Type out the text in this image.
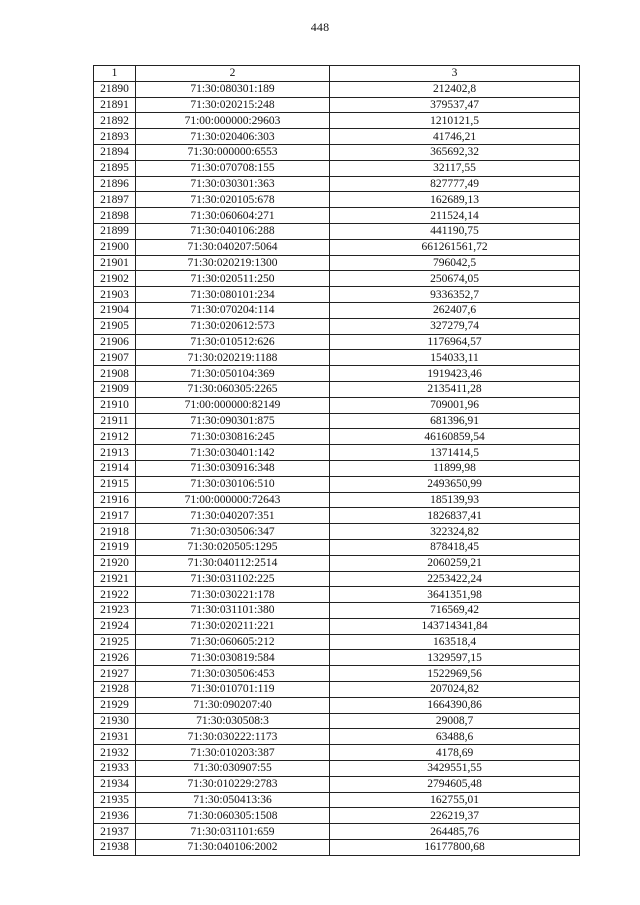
448
1	2	3
21890	71:30:080301:189	212402,8
21891	71:30:020215:248	379537,47
21892	71:00:000000:29603	1210121,5
21893	71:30:020406:303	41746,21
21894	71:30:000000:6553	365692,32
21895	71:30:070708:155	32117,55
21896	71:30:030301:363	827777,49
21897	71:30:020105:678	162689,13
21898	71:30:060604:271	211524,14
21899	71:30:040106:288	441190,75
21900	71:30:040207:5064	661261561,72
21901	71:30:020219:1300	796042,5
21902	71:30:020511:250	250674,05
21903	71:30:080101:234	9336352,7
21904	71:30:070204:114	262407,6
21905	71:30:020612:573	327279,74
21906	71:30:010512:626	1176964,57
21907	71:30:020219:1188	154033,11
21908	71:30:050104:369	1919423,46
21909	71:30:060305:2265	2135411,28
21910	71:00:000000:82149	709001,96
21911	71:30:090301:875	681396,91
21912	71:30:030816:245	46160859,54
21913	71:30:030401:142	1371414,5
21914	71:30:030916:348	11899,98
21915	71:30:030106:510	2493650,99
21916	71:00:000000:72643	185139,93
21917	71:30:040207:351	1826837,41
21918	71:30:030506:347	322324,82
21919	71:30:020505:1295	878418,45
21920	71:30:040112:2514	2060259,21
21921	71:30:031102:225	2253422,24
21922	71:30:030221:178	3641351,98
21923	71:30:031101:380	716569,42
21924	71:30:020211:221	143714341,84
21925	71:30:060605:212	163518,4
21926	71:30:030819:584	1329597,15
21927	71:30:030506:453	1522969,56
21928	71:30:010701:119	207024,82
21929	71:30:090207:40	1664390,86
21930	71:30:030508:3	29008,7
21931	71:30:030222:1173	63488,6
21932	71:30:010203:387	4178,69
21933	71:30:030907:55	3429551,55
21934	71:30:010229:2783	2794605,48
21935	71:30:050413:36	162755,01
21936	71:30:060305:1508	226219,37
21937	71:30:031101:659	264485,76
21938	71:30:040106:2002	16177800,68
